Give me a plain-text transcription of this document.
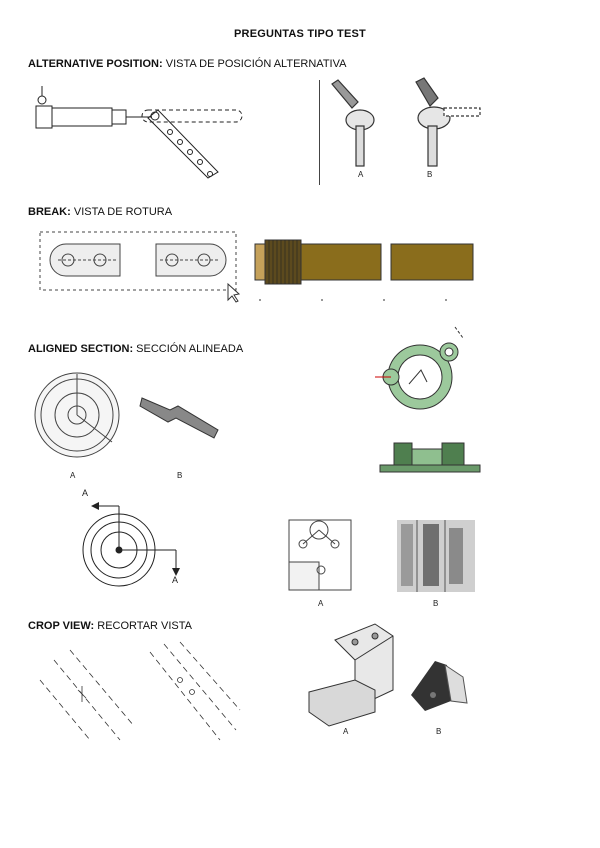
PREGUNTAS TIPO TEST
ALTERNATIVE POSITION: VISTA DE POSICIÓN ALTERNATIVA
BREAK: VISTA DE ROTURA
ALIGNED SECTION: SECCIÓN ALINEADA
CROP VIEW: RECORTAR VISTA
A	B
A	B
A
A
A	B
A	B
